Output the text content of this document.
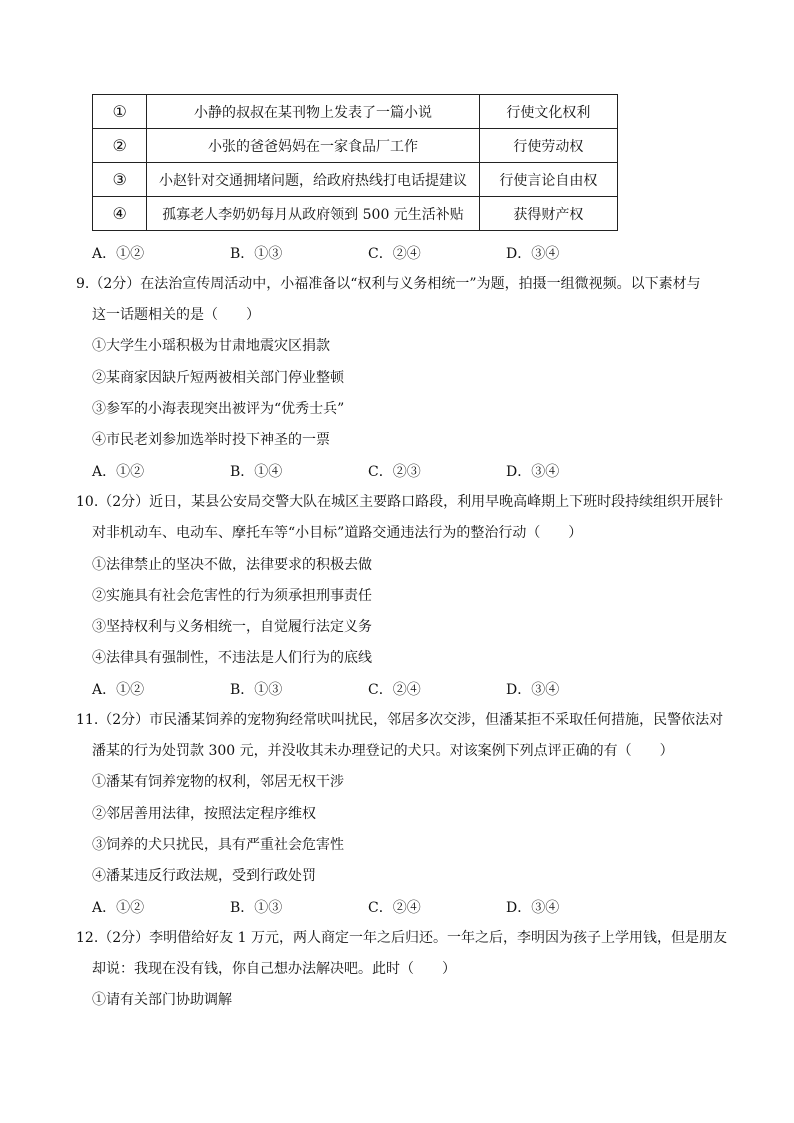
①	小静的叔叔在某刊物上发表了一篇小说	行使文化权利
②	小张的爸爸妈妈在一家食品厂工作	行使劳动权
③	小赵针对交通拥堵问题，给政府热线打电话提建议	行使言论自由权
④	孤寡老人李奶奶每月从政府领到 500 元生活补贴	获得财产权
A．①②	B．①③	C．②④	D．③④
9.（2分）在法治宣传周活动中，小福准备以“权利与义务相统一”为题，拍摄一组微视频。以下素材与
这一话题相关的是（　　）
①大学生小瑶积极为甘肃地震灾区捐款
②某商家因缺斤短两被相关部门停业整顿
③参军的小海表现突出被评为“优秀士兵”
④市民老刘参加选举时投下神圣的一票
A．①②	B．①④	C．②③	D．③④
10.（2分）近日，某县公安局交警大队在城区主要路口路段，利用早晚高峰期上下班时段持续组织开展针
对非机动车、电动车、摩托车等“小目标”道路交通违法行为的整治行动（　　）
①法律禁止的坚决不做，法律要求的积极去做
②实施具有社会危害性的行为须承担刑事责任
③坚持权利与义务相统一，自觉履行法定义务
④法律具有强制性，不违法是人们行为的底线
A．①②	B．①③	C．②④	D．③④
11.（2分）市民潘某饲养的宠物狗经常吠叫扰民，邻居多次交涉，但潘某拒不采取任何措施，民警依法对
潘某的行为处罚款 300 元，并没收其未办理登记的犬只。对该案例下列点评正确的有（　　）
①潘某有饲养宠物的权利，邻居无权干涉
②邻居善用法律，按照法定程序维权
③饲养的犬只扰民，具有严重社会危害性
④潘某违反行政法规，受到行政处罚
A．①②	B．①③	C．②④	D．③④
12.（2分）李明借给好友 1 万元，两人商定一年之后归还。一年之后，李明因为孩子上学用钱，但是朋友
却说：我现在没有钱，你自己想办法解决吧。此时（　　）
①请有关部门协助调解
